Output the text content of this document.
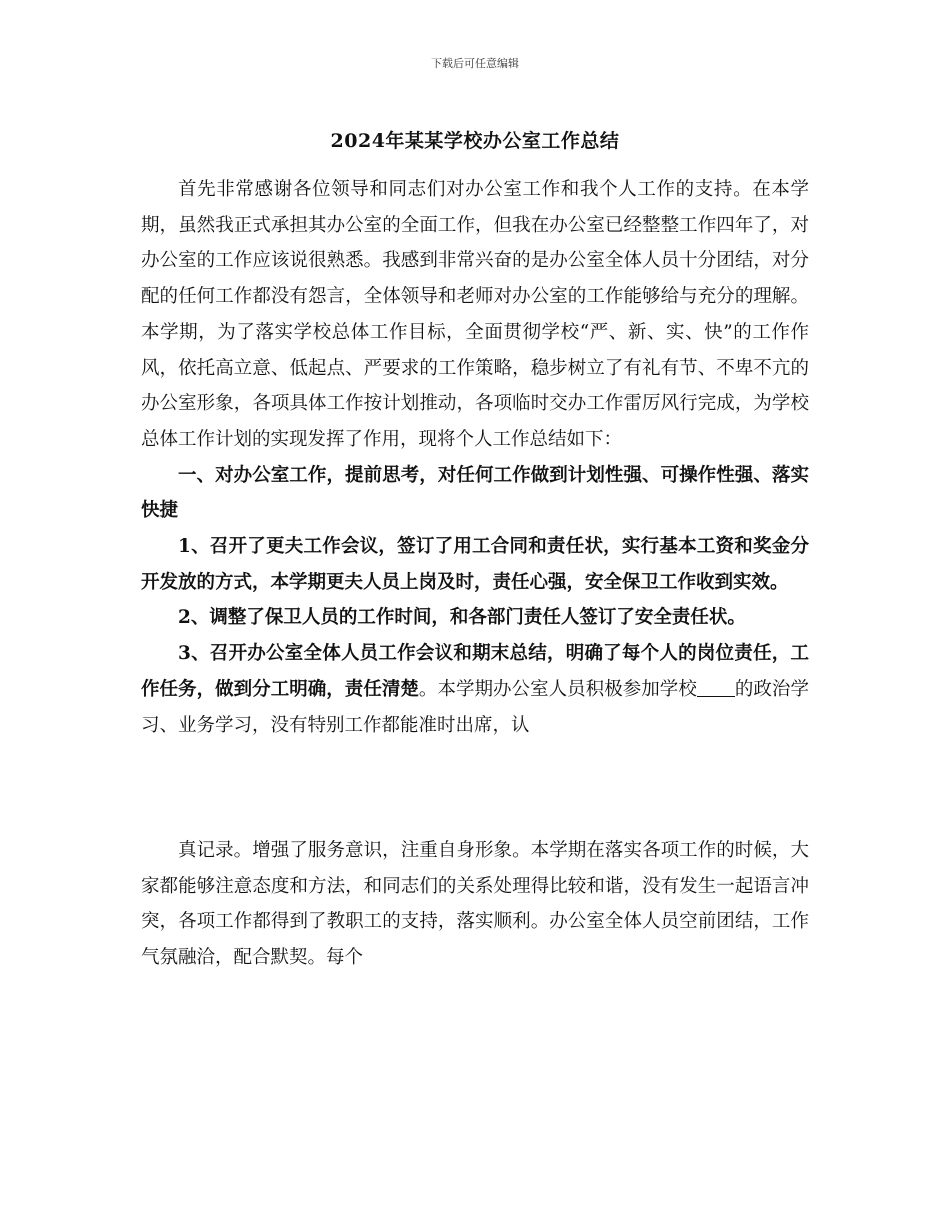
下载后可任意编辑
2024年某某学校办公室工作总结

首先非常感谢各位领导和同志们对办公室工作和我个人工作的支持。在本学期，虽然我正式承担其办公室的全面工作，但我在办公室已经整整工作四年了，对办公室的工作应该说很熟悉。我感到非常兴奋的是办公室全体人员十分团结，对分配的任何工作都没有怨言，全体领导和老师对办公室的工作能够给与充分的理解。本学期，为了落实学校总体工作目标，全面贯彻学校“严、新、实、快”的工作作风，依托高立意、低起点、严要求的工作策略，稳步树立了有礼有节、不卑不亢的办公室形象，各项具体工作按计划推动，各项临时交办工作雷厉风行完成，为学校总体工作计划的实现发挥了作用，现将个人工作总结如下：

一、对办公室工作，提前思考，对任何工作做到计划性强、可操作性强、落实快捷

1、召开了更夫工作会议，签订了用工合同和责任状，实行基本工资和奖金分开发放的方式，本学期更夫人员上岗及时，责任心强，安全保卫工作收到实效。

2、调整了保卫人员的工作时间，和各部门责任人签订了安全责任状。

3、召开办公室全体人员工作会议和期末总结，明确了每个人的岗位责任，工作任务，做到分工明确，责任清楚。本学期办公室人员积极参加学校 的政治学习、业务学习，没有特别工作都能准时出席，认

真记录。增强了服务意识，注重自身形象。本学期在落实各项工作的时候，大家都能够注意态度和方法，和同志们的关系处理得比较和谐，没有发生一起语言冲突，各项工作都得到了教职工的支持，落实顺利。办公室全体人员空前团结，工作气氛融洽，配合默契。每个
